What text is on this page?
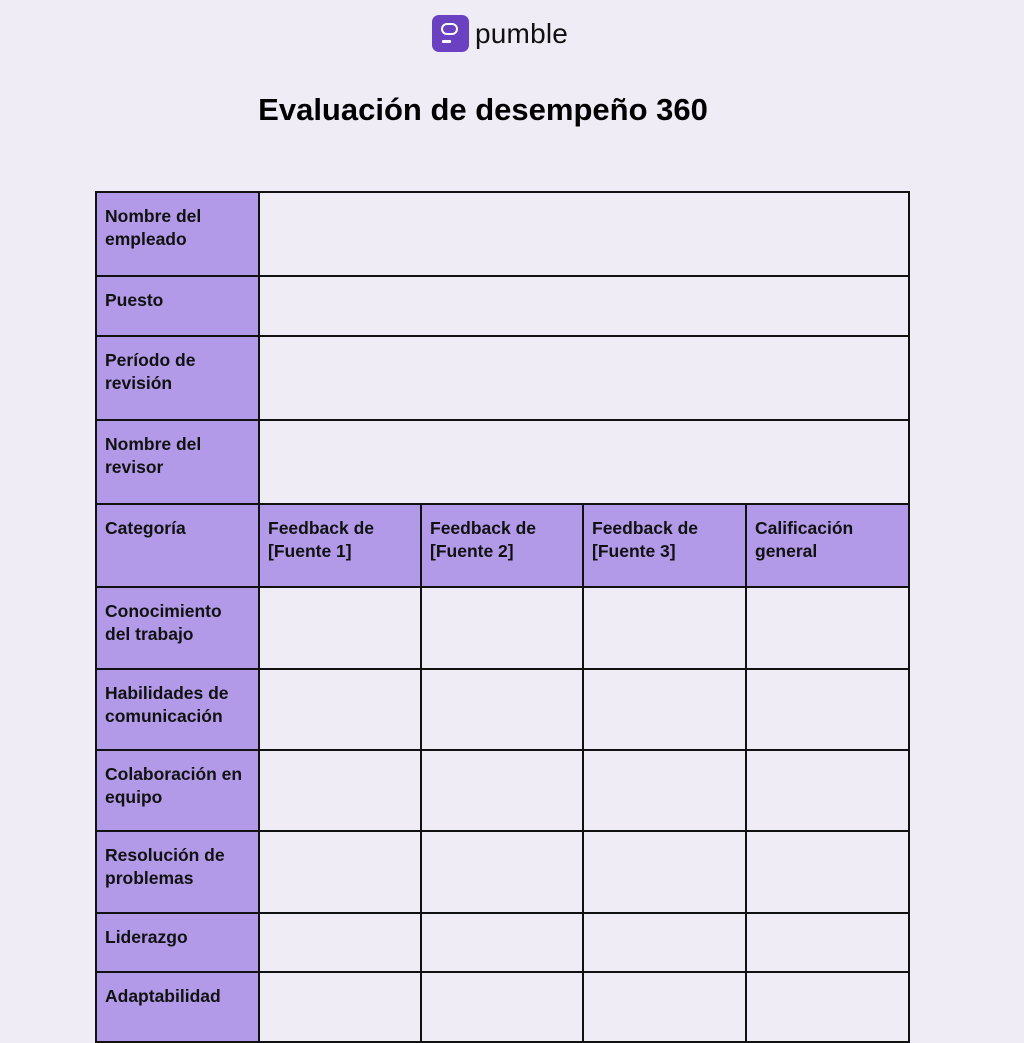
pumble
Evaluación de desempeño 360
Nombre del empleado				
Puesto				
Período de revisión				
Nombre del revisor				
Categoría	Feedback de [Fuente 1]	Feedback de [Fuente 2]	Feedback de [Fuente 3]	Calificación general
Conocimiento del trabajo				
Habilidades de comunicación				
Colaboración en equipo				
Resolución de problemas				
Liderazgo				
Adaptabilidad				
